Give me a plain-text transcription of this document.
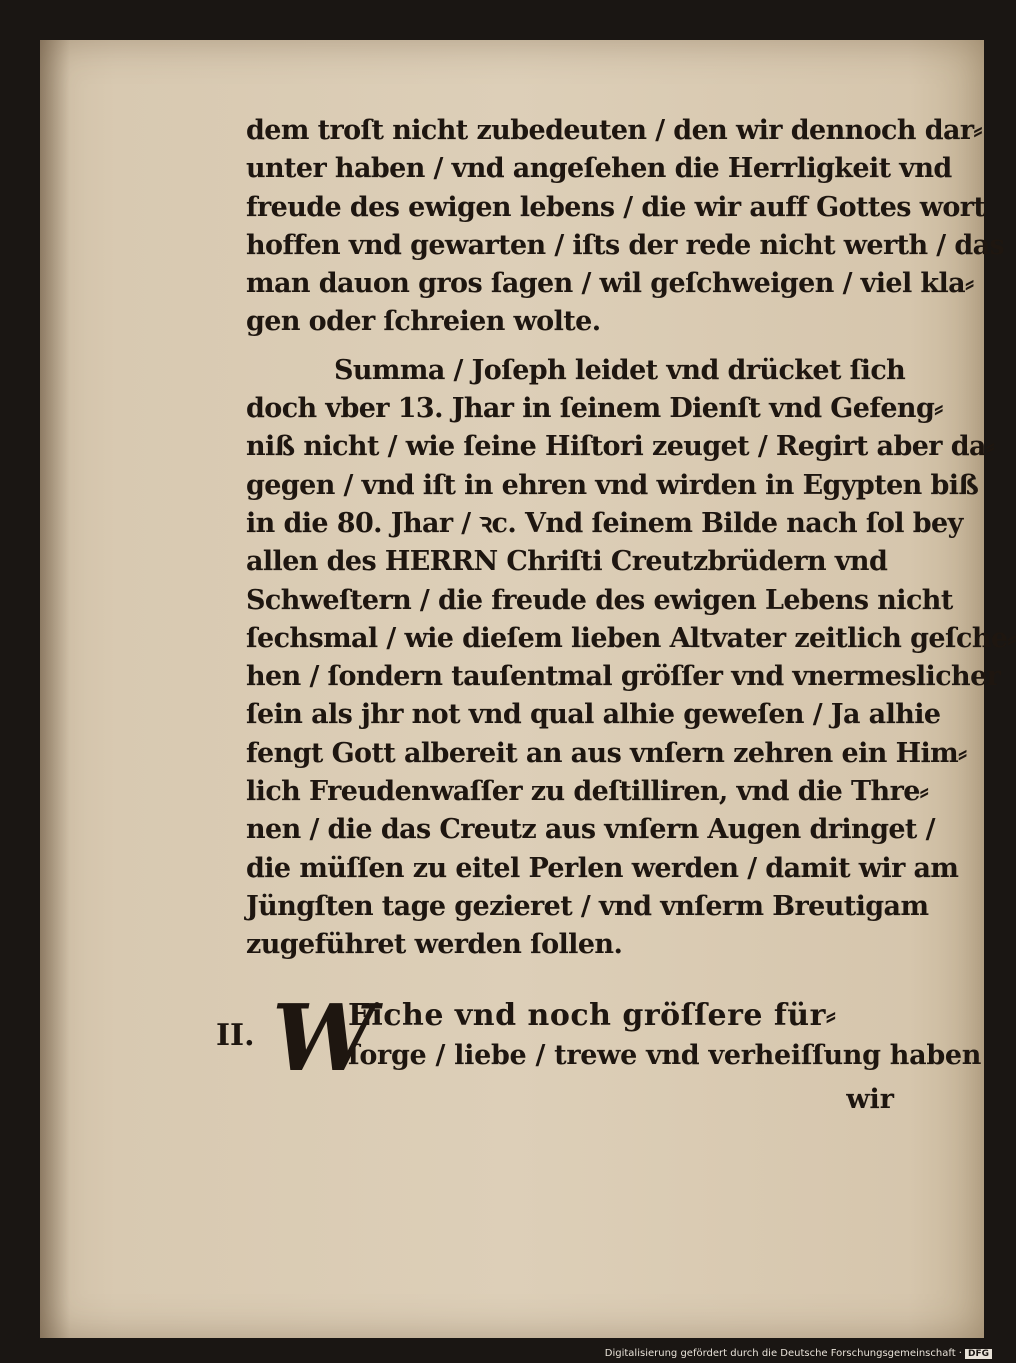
dem troſt nicht zubedeuten / den wir dennoch dar⸗
unter haben / vnd angeſehen die Herrligkeit vnd
freude des ewigen lebens / die wir auff Gottes wort
hoffen vnd gewarten / iſts der rede nicht werth / das
man dauon gros ſagen / wil geſchweigen / viel kla⸗
gen oder ſchreien wolte.
Summa / Joſeph leidet vnd drücket ſich
doch vber 13. Jhar in ſeinem Dienſt vnd Gefeng⸗
niß nicht / wie ſeine Hiſtori zeuget / Regirt aber da⸗
gegen / vnd iſt in ehren vnd wirden in Egypten biß
in die 80. Jhar / ꝛc. Vnd ſeinem Bilde nach ſol bey
allen des HERRN Chriſti Creutzbrüdern vnd
Schweſtern / die freude des ewigen Lebens nicht
ſechsmal / wie dieſem lieben Altvater zeitlich geſche⸗
hen / ſondern tauſentmal gröſſer vnd vnermeslicher
ſein als jhr not vnd qual alhie geweſen / Ja alhie
fengt Gott albereit an aus vnſern zehren ein Him⸗
lich Freudenwaſſer zu deſtilliren, vnd die Thre⸗
nen / die das Creutz aus vnſern Augen dringet /
die müſſen zu eitel Perlen werden / damit wir am
Jüngſten tage gezieret / vnd vnſerm Breutigam
zugeführet werden ſollen.
II. W
Eiche vnd noch gröſſere für⸗
ſorge / liebe / trewe vnd verheiſſung haben
wir
Digitalisierung gefördert durch die Deutsche Forschungsgemeinschaft · DFG
